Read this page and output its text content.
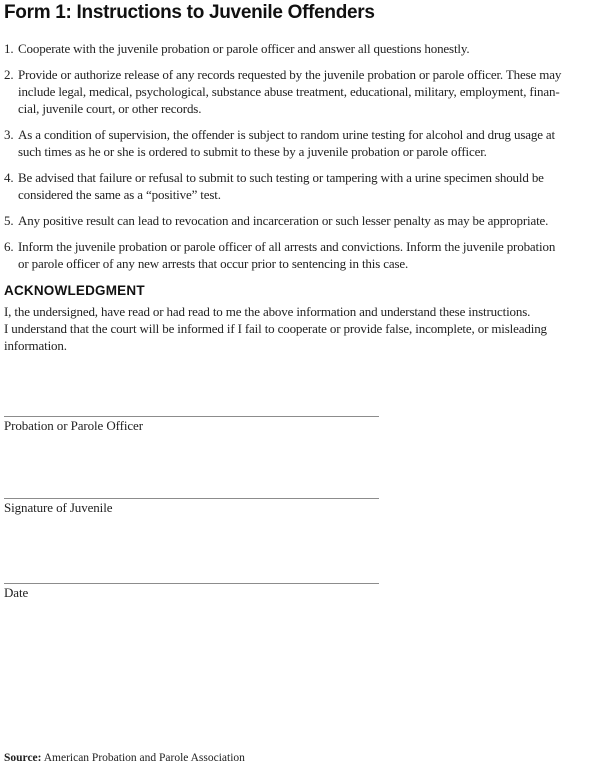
Form 1: Instructions to Juvenile Offenders
1. Cooperate with the juvenile probation or parole officer and answer all questions honestly.
2. Provide or authorize release of any records requested by the juvenile probation or parole officer. These may
include legal, medical, psychological, substance abuse treatment, educational, military, employment, finan-
cial, juvenile court, or other records.
3. As a condition of supervision, the offender is subject to random urine testing for alcohol and drug usage at
such times as he or she is ordered to submit to these by a juvenile probation or parole officer.
4. Be advised that failure or refusal to submit to such testing or tampering with a urine specimen should be
considered the same as a “positive” test.
5. Any positive result can lead to revocation and incarceration or such lesser penalty as may be appropriate.
6. Inform the juvenile probation or parole officer of all arrests and convictions. Inform the juvenile probation
or parole officer of any new arrests that occur prior to sentencing in this case.
ACKNOWLEDGMENT
I, the undersigned, have read or had read to me the above information and understand these instructions.
I understand that the court will be informed if I fail to cooperate or provide false, incomplete, or misleading
information.
Probation or Parole Officer
Signature of Juvenile
Date
Source: American Probation and Parole Association
